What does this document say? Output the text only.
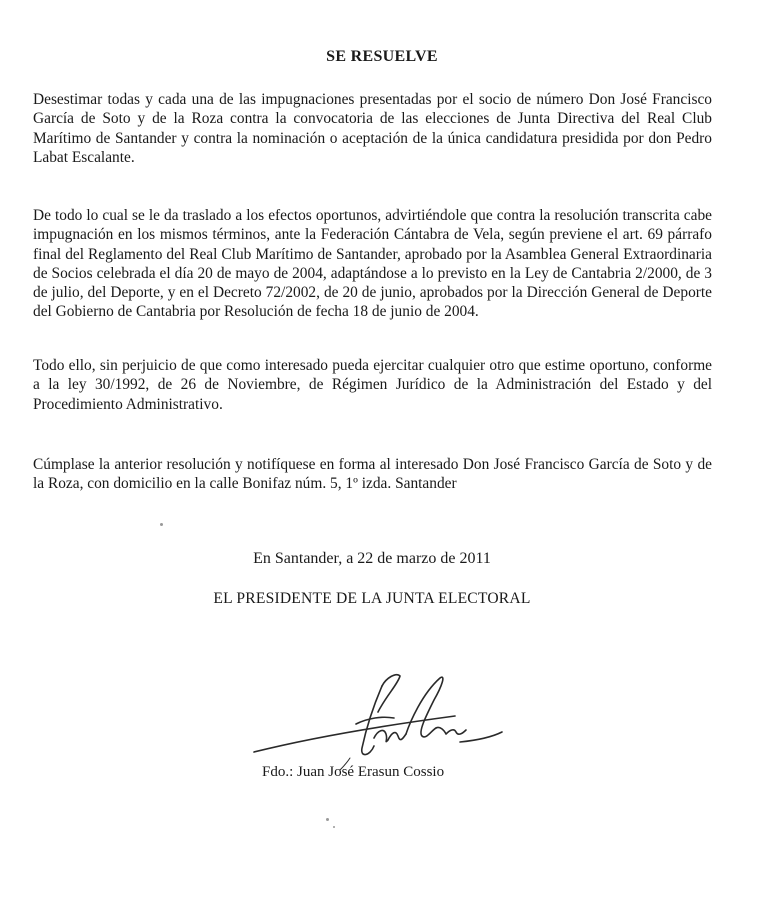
SE RESUELVE
Desestimar todas y cada una de las impugnaciones presentadas por el socio de número Don José Francisco García de Soto y de la Roza contra la convocatoria de las elecciones de Junta Directiva del Real Club Marítimo de Santander y contra la nominación o aceptación de la única candidatura presidida por don Pedro Labat Escalante.
De todo lo cual se le da traslado a los efectos oportunos, advirtiéndole que contra la resolución transcrita cabe impugnación en los mismos términos, ante la Federación Cántabra de Vela, según previene el art. 69 párrafo final del Reglamento del Real Club Marítimo de Santander, aprobado por la Asamblea General Extraordinaria de Socios celebrada el día 20 de mayo de 2004, adaptándose a lo previsto en la Ley de Cantabria 2/2000, de 3 de julio, del Deporte, y en el Decreto 72/2002, de 20 de junio, aprobados por la Dirección General de Deporte del Gobierno de Cantabria por Resolución de fecha 18 de junio de 2004.
Todo ello, sin perjuicio de que como interesado pueda ejercitar cualquier otro que estime oportuno, conforme a la ley 30/1992, de 26 de Noviembre, de Régimen Jurídico de la Administración del Estado y del Procedimiento Administrativo.
Cúmplase la anterior resolución y notifíquese en forma al interesado Don José Francisco García de Soto y de la Roza, con domicilio en la calle Bonifaz núm. 5, 1º izda. Santander
En Santander, a 22 de marzo de 2011
EL PRESIDENTE DE LA JUNTA ELECTORAL
Fdo.: Juan José Erasun Cossio
